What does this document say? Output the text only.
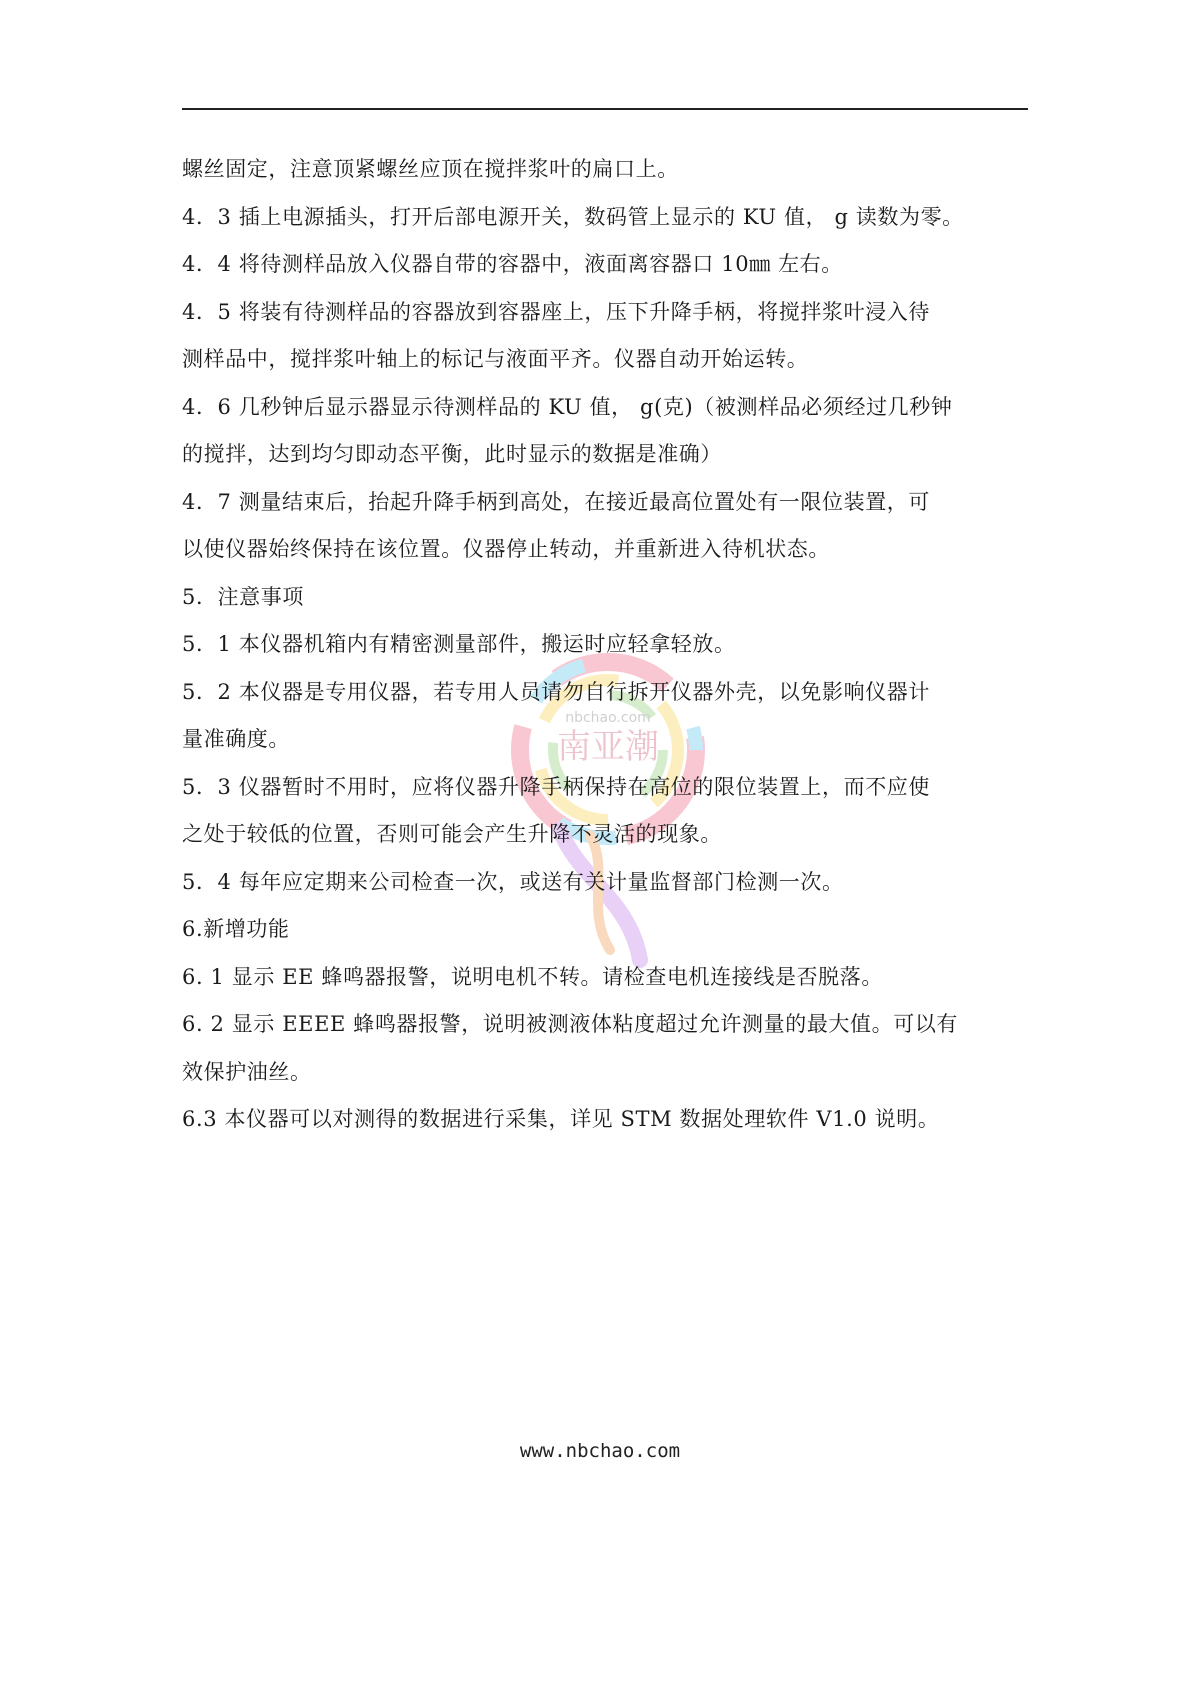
南亚潮
nbchao.com

螺丝固定，注意顶紧螺丝应顶在搅拌浆叶的扁口上。

4．3 插上电源插头，打开后部电源开关，数码管上显示的 KU 值， g 读数为零。

4．4 将待测样品放入仪器自带的容器中，液面离容器口 10㎜ 左右。

4．5 将装有待测样品的容器放到容器座上，压下升降手柄，将搅拌浆叶浸入待

测样品中，搅拌浆叶轴上的标记与液面平齐。仪器自动开始运转。

4．6 几秒钟后显示器显示待测样品的 KU 值， g(克)（被测样品必须经过几秒钟

的搅拌，达到均匀即动态平衡，此时显示的数据是准确）

4．7 测量结束后，抬起升降手柄到高处，在接近最高位置处有一限位装置，可

以使仪器始终保持在该位置。仪器停止转动，并重新进入待机状态。

5．注意事项

5．1 本仪器机箱内有精密测量部件，搬运时应轻拿轻放。

5．2 本仪器是专用仪器，若专用人员请勿自行拆开仪器外壳，以免影响仪器计

量准确度。

5．3 仪器暂时不用时，应将仪器升降手柄保持在高位的限位装置上，而不应使

之处于较低的位置，否则可能会产生升降不灵活的现象。

5．4 每年应定期来公司检查一次，或送有关计量监督部门检测一次。

6.新增功能

6. 1 显示 EE 蜂鸣器报警，说明电机不转。请检查电机连接线是否脱落。

6. 2 显示 EEEE 蜂鸣器报警，说明被测液体粘度超过允许测量的最大值。可以有

效保护油丝。

6.3 本仪器可以对测得的数据进行采集，详见 STM 数据处理软件 V1.0 说明。

www.nbchao.com
